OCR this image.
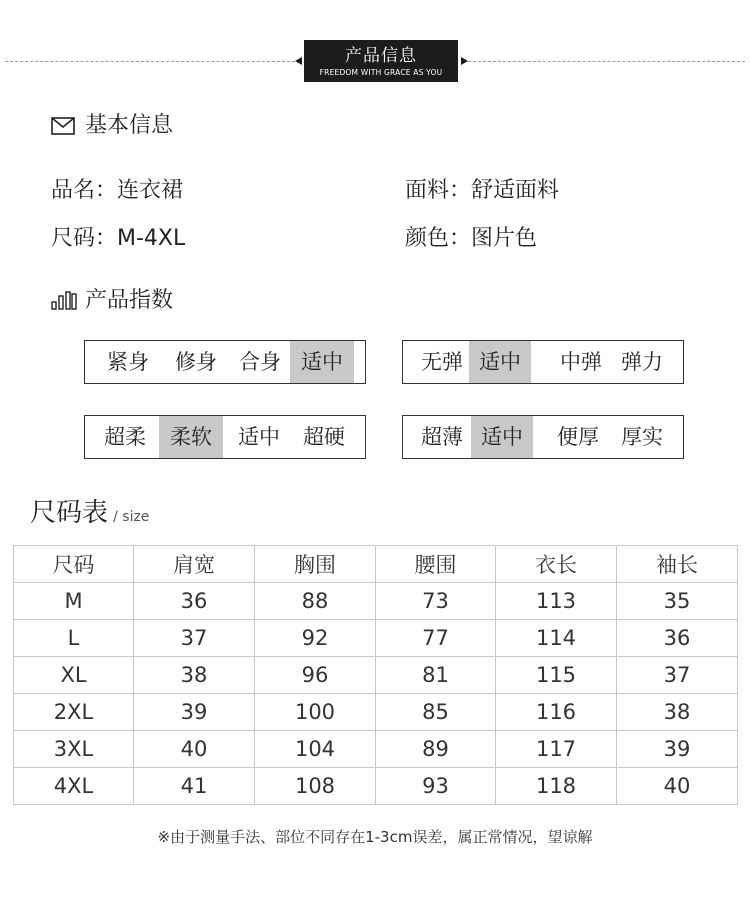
产品信息
FREEDOM WITH GRACE AS YOU
基本信息
品名：连衣裙	面料：舒适面料
尺码：M-4XL	颜色：图片色
产品指数
紧身	修身	合身 适中	无弹 适中	中弹 弹力
超柔	柔软	适中	超硬	超薄 适中	便厚	厚实
尺码表 / size
尺码	肩宽	胸围	腰围	衣长	袖长
M	36	88	73	113	35
L	37	92	77	114	36
XL	38	96	81	115	37
2XL	39	100	85	116	38
3XL	40	104	89	117	39
4XL	41	108	93	118	40
※由于测量手法、部位不同存在1-3cm误差，属正常情况，望谅解
